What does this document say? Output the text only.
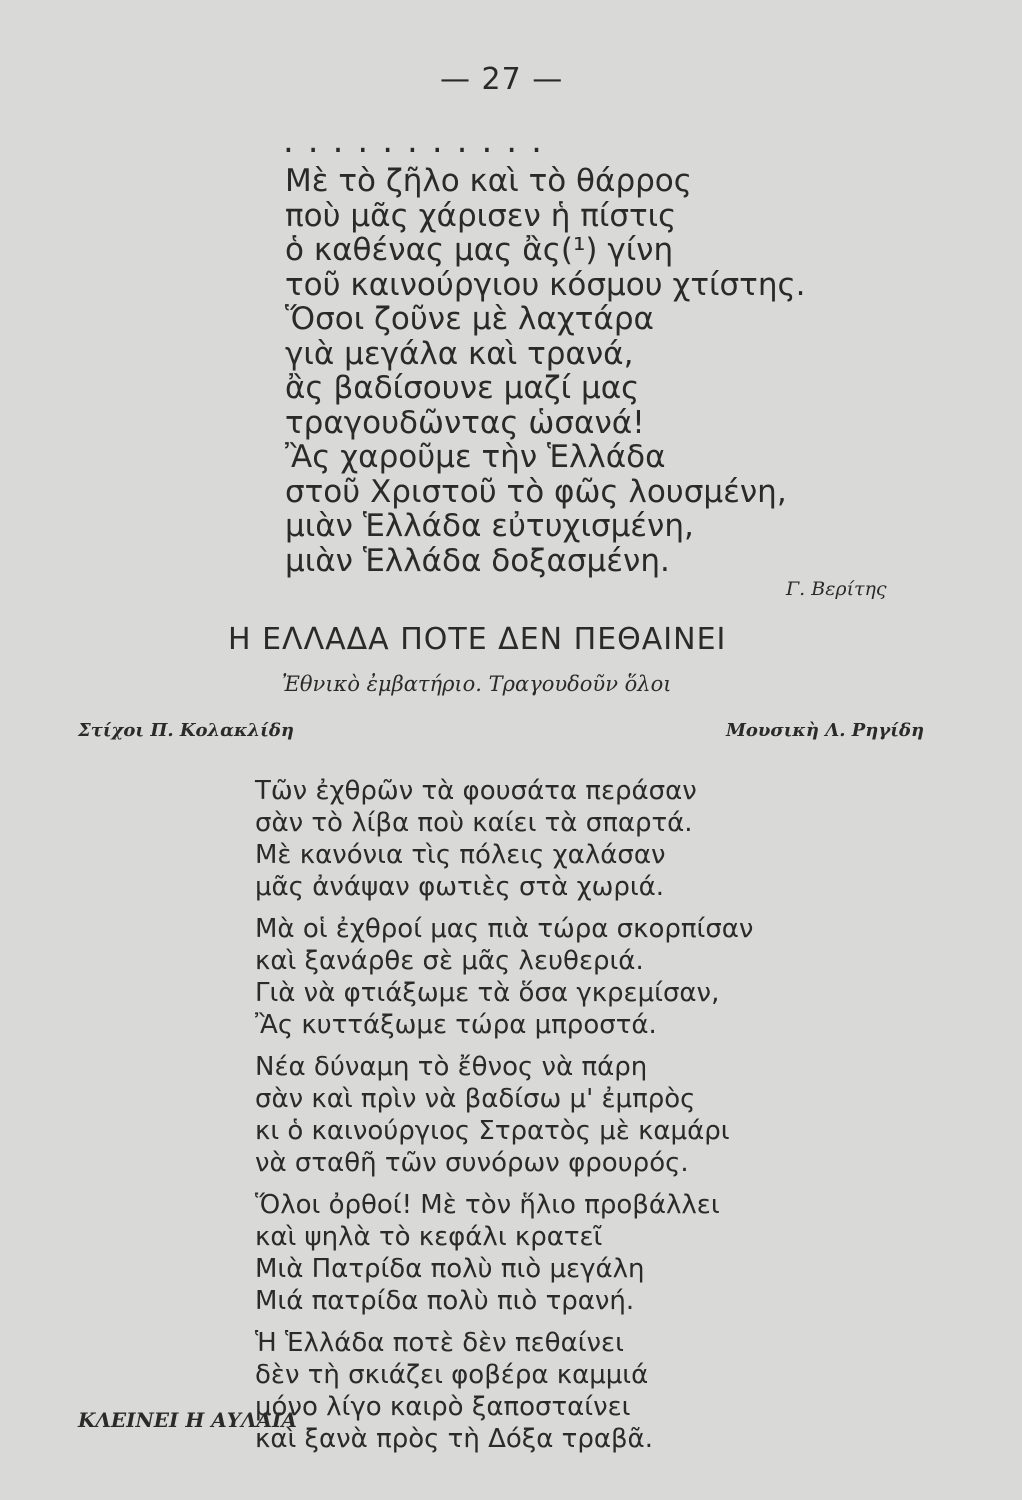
— 27 —
...........
Μὲ τὸ ζῆλο καὶ τὸ θάρρος
ποὺ μᾶς χάρισεν ἡ πίστις
ὁ καθένας μας ἂς(¹) γίνη
τοῦ καινούργιου κόσμου χτίστης.
Ὅσοι ζοῦνε μὲ λαχτάρα
γιὰ μεγάλα καὶ τρανά,
ἂς βαδίσουνε μαζί μας
τραγουδῶντας ὡσανά!
Ἂς χαροῦμε τὴν Ἑλλάδα
στοῦ Χριστοῦ τὸ φῶς λουσμένη,
μιὰν Ἑλλάδα εὐτυχισμένη,
μιὰν Ἑλλάδα δοξασμένη.
Γ. Βερίτης
Η ΕΛΛΑΔΑ ΠΟΤΕ ΔΕΝ ΠΕΘΑΙΝΕΙ
Ἐθνικὸ ἐμβατήριο. Τραγουδοῦν ὅλοι
Στίχοι Π. Κολακλίδη	Μουσικὴ Λ. Ρηγίδη
Τῶν ἐχθρῶν τὰ φουσάτα περάσαν
σὰν τὸ λίβα ποὺ καίει τὰ σπαρτά.
Μὲ κανόνια τὶς πόλεις χαλάσαν
μᾶς ἀνάψαν φωτιὲς στὰ χωριά.
Μὰ οἱ ἐχθροί μας πιὰ τώρα σκορπίσαν
καὶ ξανάρθε σὲ μᾶς λευθεριά.
Γιὰ νὰ φτιάξωμε τὰ ὅσα γκρεμίσαν,
Ἂς κυττάξωμε τώρα μπροστά.
Νέα δύναμη τὸ ἔθνος νὰ πάρη
σὰν καὶ πρὶν νὰ βαδίσω μ' ἐμπρὸς
κι ὁ καινούργιος Στρατὸς μὲ καμάρι
νὰ σταθῆ τῶν συνόρων φρουρός.
Ὅλοι ὀρθοί! Μὲ τὸν ἥλιο προβάλλει
καὶ ψηλὰ τὸ κεφάλι κρατεῖ
Μιὰ Πατρίδα πολὺ πιὸ μεγάλη
Μιά πατρίδα πολὺ πιὸ τρανή.
Ἡ Ἑλλάδα ποτὲ δὲν πεθαίνει
δὲν τὴ σκιάζει φοβέρα καμμιά
μόνο λίγο καιρὸ ξαποσταίνει
καὶ ξανὰ πρὸς τὴ Δόξα τραβᾶ.
ΚΛΕΙΝΕΙ Η ΑΥΛΑΙΑ
